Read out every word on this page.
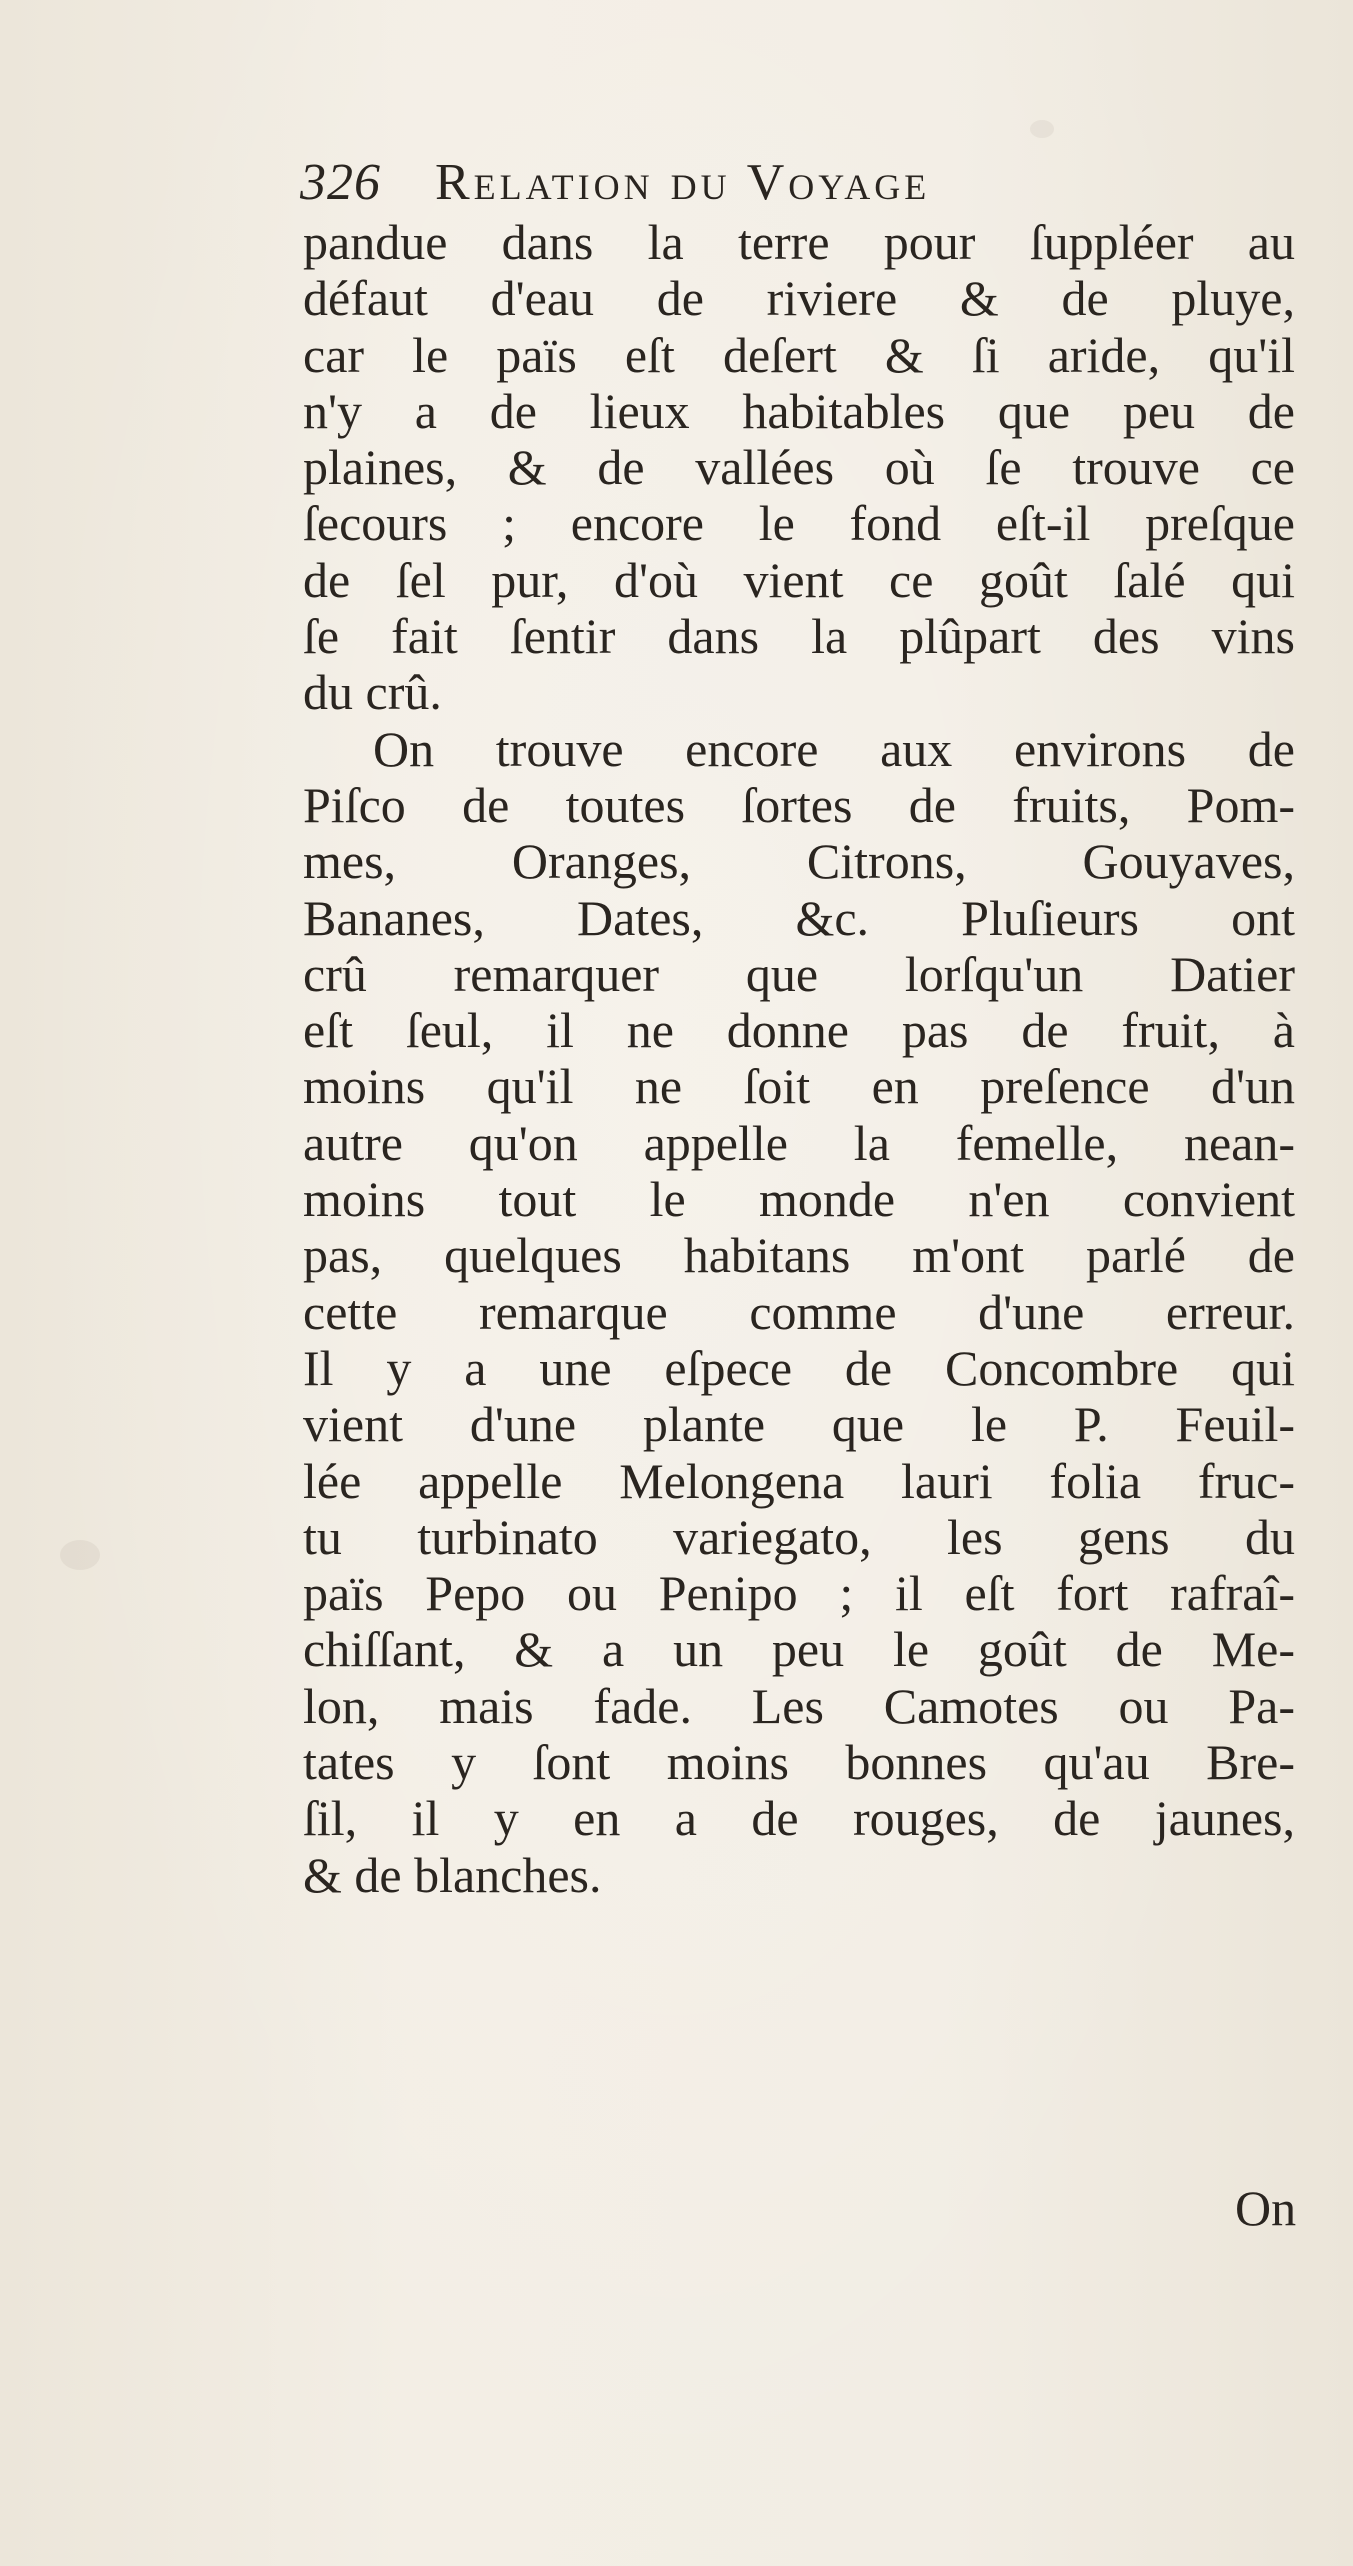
326 Relation du Voyage
pandue dans la terre pour ſuppléer au
défaut d'eau de riviere & de pluye,
car le païs eſt deſert & ſi aride, qu'il
n'y a de lieux habitables que peu de
plaines, & de vallées où ſe trouve ce
ſecours ; encore le fond eſt-il preſque
de ſel pur, d'où vient ce goût ſalé qui
ſe fait ſentir dans la plûpart des vins
du crû.
On trouve encore aux environs de
Piſco de toutes ſortes de fruits, Pom-
mes, Oranges, Citrons, Gouyaves,
Bananes, Dates, &c. Pluſieurs ont
crû remarquer que lorſqu'un Datier
eſt ſeul, il ne donne pas de fruit, à
moins qu'il ne ſoit en preſence d'un
autre qu'on appelle la femelle, nean-
moins tout le monde n'en convient
pas, quelques habitans m'ont parlé de
cette remarque comme d'une erreur.
Il y a une eſpece de Concombre qui
vient d'une plante que le P. Feuil-
lée appelle Melongena lauri folia fruc-
tu turbinato variegato, les gens du
païs Pepo ou Penipo ; il eſt fort rafraî-
chiſſant, & a un peu le goût de Me-
lon, mais fade. Les Camotes ou Pa-
tates y ſont moins bonnes qu'au Bre-
ſil, il y en a de rouges, de jaunes,
& de blanches.
On
